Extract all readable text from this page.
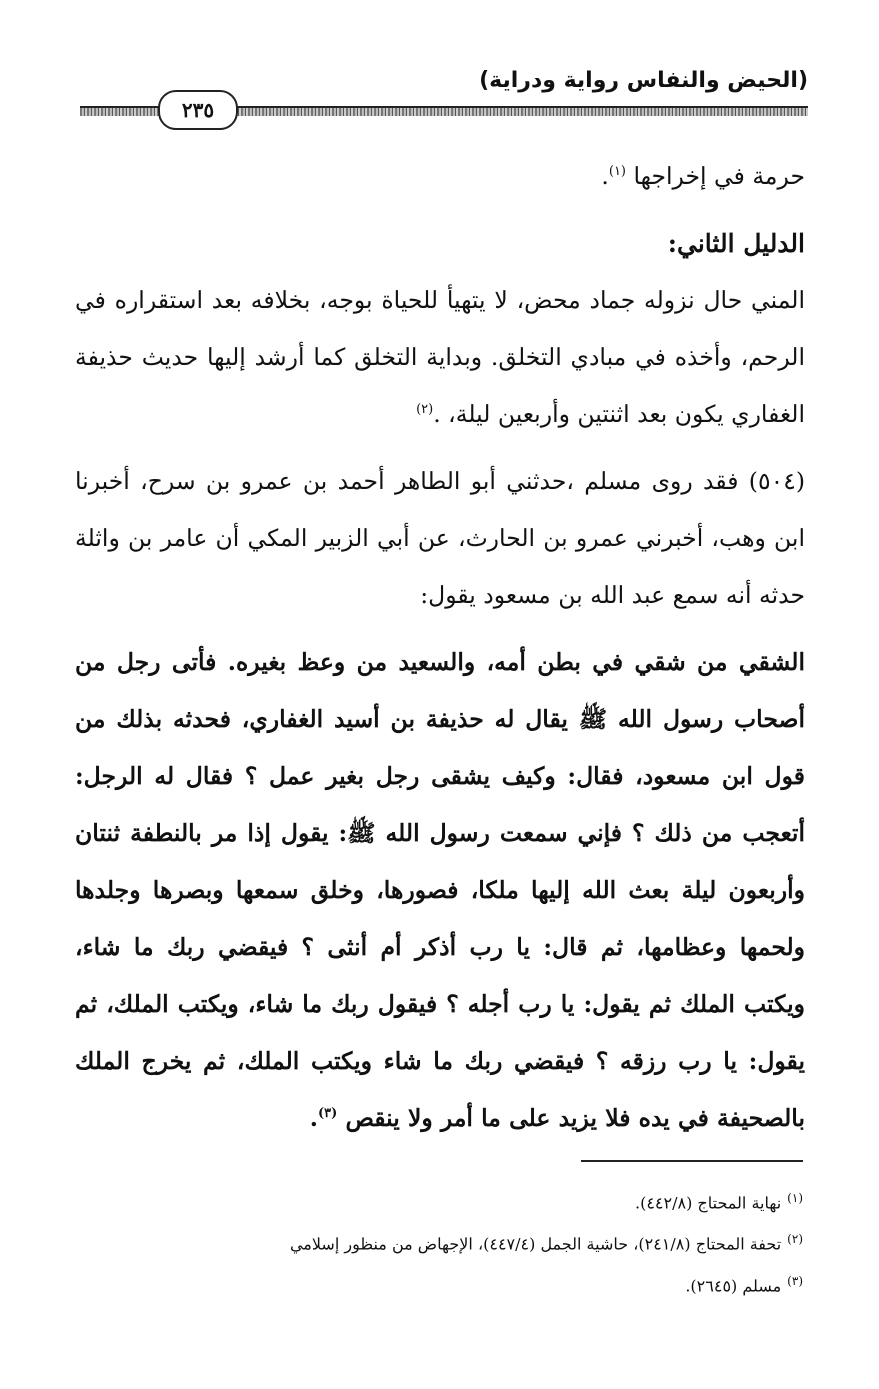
(الحيض والنفاس رواية ودراية)
٢٣٥

حرمة في إخراجها $^{(١)}$.

الدليل الثاني:

المني حال نزوله جماد محض، لا يتهيأ للحياة بوجه، بخلافه بعد استقراره في الرحم، وأخذه في مبادي التخلق. وبداية التخلق كما أرشد إليها حديث حذيفة الغفاري يكون بعد اثنتين وأربعين ليلة، .$^{(٢)}$

(٥٠٤) فقد روى مسلم ،حدثني أبو الطاهر أحمد بن عمرو بن سرح، أخبرنا ابن وهب، أخبرني عمرو بن الحارث، عن أبي الزبير المكي أن عامر بن واثلة حدثه أنه سمع عبد الله بن مسعود يقول:

الشقي من شقي في بطن أمه، والسعيد من وعظ بغيره. فأتى رجل من أصحاب رسول الله ﷺ يقال له حذيفة بن أسيد الغفاري، فحدثه بذلك من قول ابن مسعود، فقال: وكيف يشقى رجل بغير عمل ؟ فقال له الرجل: أتعجب من ذلك ؟ فإني سمعت رسول الله ﷺ: يقول إذا مر بالنطفة ثنتان وأربعون ليلة بعث الله إليها ملكا، فصورها، وخلق سمعها وبصرها وجلدها ولحمها وعظامها، ثم قال: يا رب أذكر أم أنثى ؟ فيقضي ربك ما شاء، ويكتب الملك ثم يقول: يا رب أجله ؟ فيقول ربك ما شاء، ويكتب الملك، ثم يقول: يا رب رزقه ؟ فيقضي ربك ما شاء ويكتب الملك، ثم يخرج الملك بالصحيفة في يده فلا يزيد على ما أمر ولا ينقص $^{(٣)}$.

$^{(١)}$نهاية المحتاج (٤٤٢/٨).

$^{(٢)}$تحفة المحتاج (٢٤١/٨)، حاشية الجمل (٤٤٧/٤)، الإجهاض من منظور إسلامي

$^{(٣)}$مسلم (٢٦٤٥).
